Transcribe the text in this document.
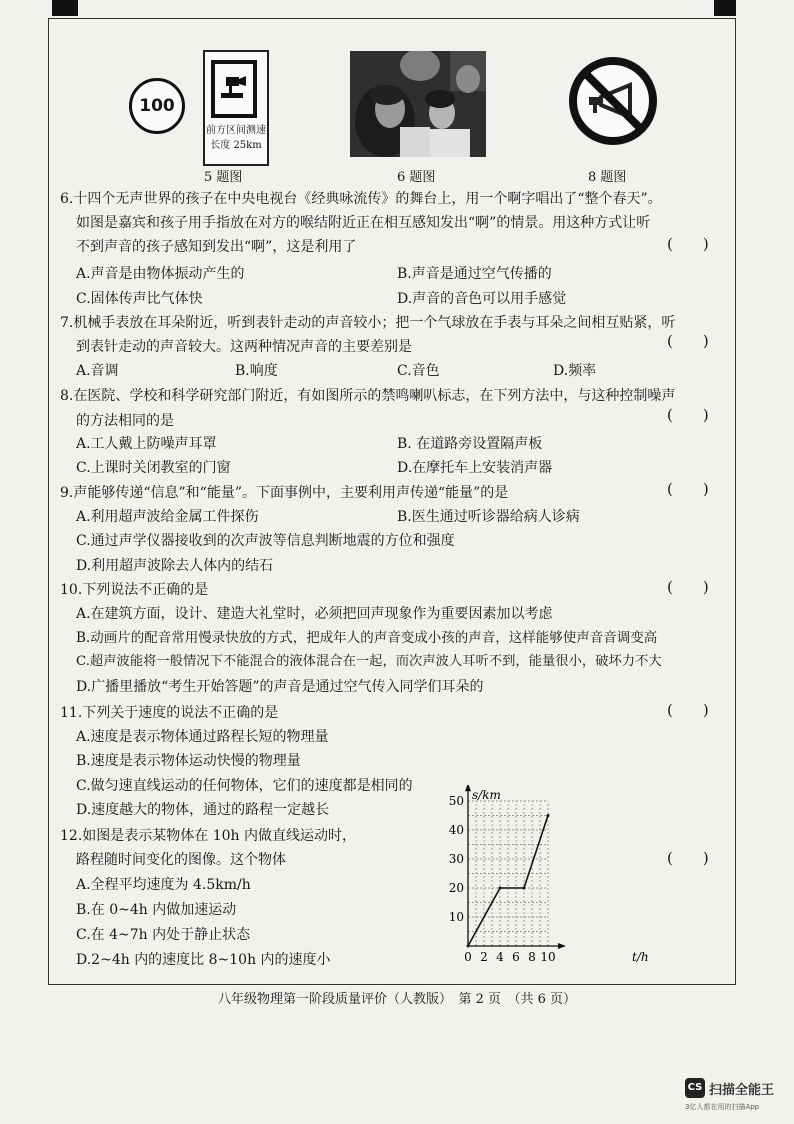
100
前方区间测速
长度 25km
5 题图	6 题图	8 题图
6.十四个无声世界的孩子在中央电视台《经典咏流传》的舞台上，用一个啊字唱出了“整个春天”。
如图是嘉宾和孩子用手指放在对方的喉结附近正在相互感知发出“啊”的情景。用这种方式让听
不到声音的孩子感知到发出“啊”，这是利用了	(　　)
A.声音是由物体振动产生的	B.声音是通过空气传播的
C.固体传声比气体快	D.声音的音色可以用手感觉
7.机械手表放在耳朵附近，听到表针走动的声音较小；把一个气球放在手表与耳朵之间相互贴紧，听
到表针走动的声音较大。这两种情况声音的主要差别是	(　　)
A.音调	B.响度	C.音色	D.频率
8.在医院、学校和科学研究部门附近，有如图所示的禁鸣喇叭标志，在下列方法中，与这种控制噪声
的方法相同的是	(　　)
A.工人戴上防噪声耳罩	B. 在道路旁设置隔声板
C.上课时关闭教室的门窗	D.在摩托车上安装消声器
9.声能够传递“信息”和“能量”。下面事例中，主要利用声传递“能量”的是	(　　)
A.利用超声波给金属工件探伤	B.医生通过听诊器给病人诊病
C.通过声学仪器接收到的次声波等信息判断地震的方位和强度
D.利用超声波除去人体内的结石
10.下列说法不正确的是	(　　)
A.在建筑方面，设计、建造大礼堂时，必须把回声现象作为重要因素加以考虑
B.动画片的配音常用慢录快放的方式，把成年人的声音变成小孩的声音，这样能够使声音音调变高
C.超声波能将一般情况下不能混合的液体混合在一起，而次声波人耳听不到，能量很小，破坏力不大
D.广播里播放“考生开始答题”的声音是通过空气传入同学们耳朵的
11.下列关于速度的说法不正确的是	(　　)
A.速度是表示物体通过路程长短的物理量
B.速度是表示物体运动快慢的物理量
C.做匀速直线运动的任何物体，它们的速度都是相同的
D.速度越大的物体，通过的路程一定越长
12.如图是表示某物体在 10h 内做直线运动时，
路程随时间变化的图像。这个物体	(　　)
A.全程平均速度为 4.5km/h
B.在 0~4h 内做加速运动
C.在 4~7h 内处于静止状态
D.2~4h 内的速度比 8~10h 内的速度小	0 2 4 6 8 10
10
20
30
40
50 s/km
t/h
八年级物理第一阶段质量评价（人教版）　第 2 页　（共 6 页）
CS 扫描全能王
3亿人都在用的扫描App
